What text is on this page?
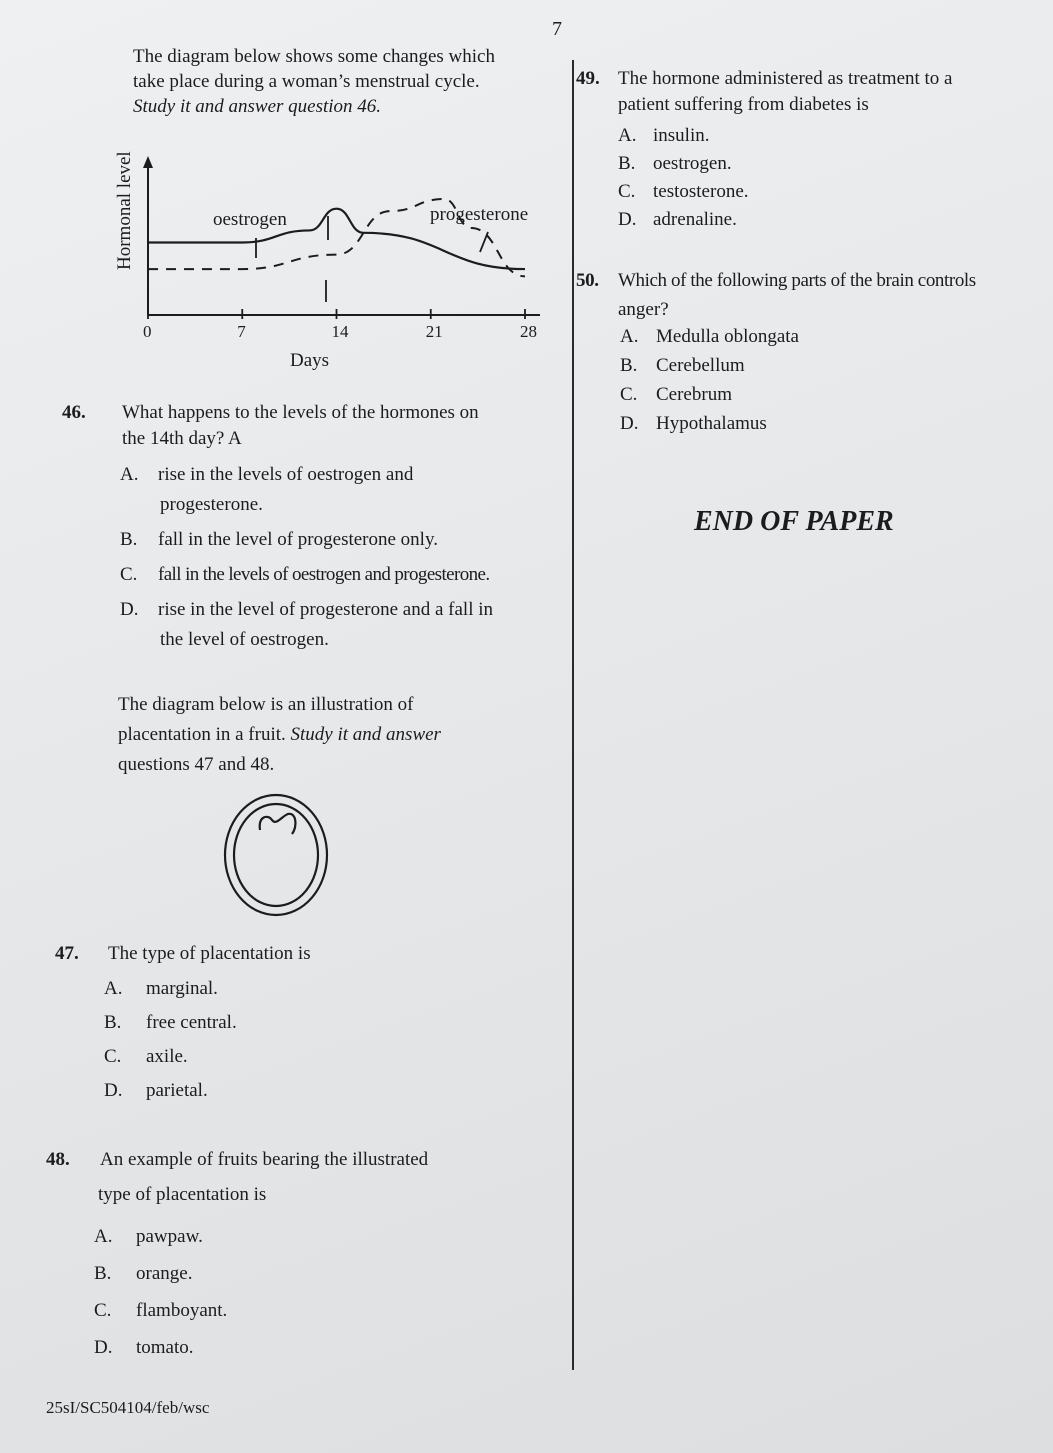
7
The diagram below shows some changes which
take place during a woman’s menstrual cycle.
Study it and answer question 46.
Hormonal level
Days
0	7	14	21	28
oestrogen	progesterone
46.	What happens to the levels of the hormones on
the 14th day? A
A.	rise in the levels of oestrogen and
progesterone.
B.	fall in the level of progesterone only.
C.	fall in the levels of oestrogen and progesterone.
D.	rise in the level of progesterone and a fall in
the level of oestrogen.
The diagram below is an illustration of
placentation in a fruit. Study it and answer
questions 47 and 48.
47.	The type of placentation is
A.	marginal.
B.	free central.
C.	axile.
D.	parietal.
48.	An example of fruits bearing the illustrated
type of placentation is
A.	pawpaw.
B.	orange.
C.	flamboyant.
D.	tomato.
25sI/SC504104/feb/wsc
49. The hormone administered as treatment to a
patient suffering from diabetes is
A. insulin.
B. oestrogen.
C. testosterone.
D. adrenaline.
50.	Which of the following parts of the brain controls
anger?
A. Medulla oblongata
B. Cerebellum
C. Cerebrum
D. Hypothalamus
END OF PAPER
